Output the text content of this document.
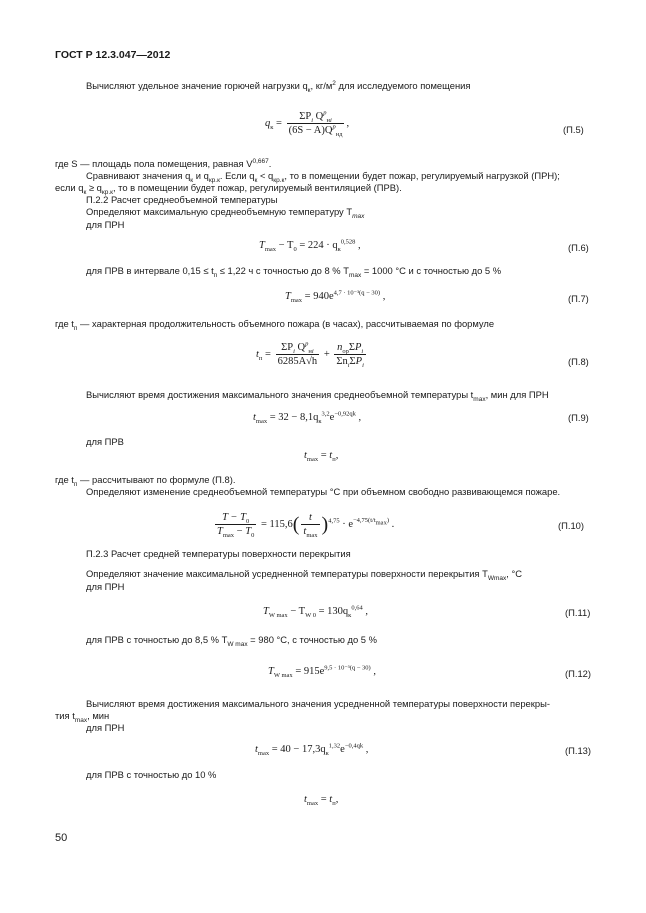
ГОСТ Р 12.3.047—2012
Вычисляют удельное значение горючей нагрузки $q_к$, $кг/м^2$ для исследуемого помещения
$q_к = \frac{\Sigma P_i Q^p_{нi}}{(6S - A)Q^p_{нд}}$ ,
(П.5)
где S — площадь пола помещения, равная V$^{0,667}$.
Сравнивают значения $q_к$ и $q_{кр.к}$. Если $q_к < q_{кр.к}$, то в помещении будет пожар, регулируемый нагрузкой (ПРН);
если $q_к \ge q_{кр.к}$, то в помещении будет пожар, регулируемый вентиляцией (ПРВ).
П.2.2 Расчет среднеобъемной температуры
Определяют максимальную среднеобъемную температуру $T_{max}$
для ПРН
$T_{max} - T_0 = 224 \cdot q_к^{0,528}$ ,	(П.6)
для ПРВ в интервале $0,15 \le t_п \le 1,22$ ч с точностью до 8 % $T_{max} = 1000$ °С и с точностью до 5 %
$T_{max} = 940e^{4,7 \cdot 10^{-3}(q - 30)}$ ,	(П.7)
где $t_п$ — характерная продолжительность объемного пожара (в часах), рассчитываемая по формуле
$t_п = \frac{\Sigma P_i Q^p_{нi}}{6285A√h} + \frac{n_{ор}\Sigma P_i}{\Sigma n_i\Sigma P_i}$	(П.8)
Вычисляют время достижения максимального значения среднеобъемной температуры $t_{max}$, мин для ПРН
$t_{max} = 32 - 8,1q_к^{3,2}e^{-0,92qk}$ ,	(П.9)
для ПРВ
$t_{max} = t_п$,
где $t_п$ — рассчитывают по формуле (П.8).
Определяют изменение среднеобъемной температуры °С при объемном свободно развивающемся пожаре.
$\frac{T - T_0}{T_{max} - T_0} = 115,6( \frac{t}{t_{max}} )^{4,75} \cdot e^{-4,75(t/t_{max})}$ .	(П.10)
П.2.3 Расчет средней температуры поверхности перекрытия
Определяют значение максимальной усредненной температуры поверхности перекрытия $T_{Wmax}$, °С
для ПРН
$T_{W max} - T_{W 0} = 130q_к^{0,64}$ ,	(П.11)
для ПРВ с точностью до 8,5 % $T_{W max} = 980$ °С, с точностью до 5 %
$T_{W max} = 915e^{9,5 \cdot 10^{-3}(q - 30)}$ ,	(П.12)
Вычисляют время достижения максимального значения усредненной температуры поверхности перекры-
тия $t_{max}$, мин
для ПРН
$t_{max} = 40 - 17,3q_к^{1,32}e^{-0,4qk}$ ,	(П.13)
для ПРВ с точностью до 10 %
$t_{max} = t_п$,
50
